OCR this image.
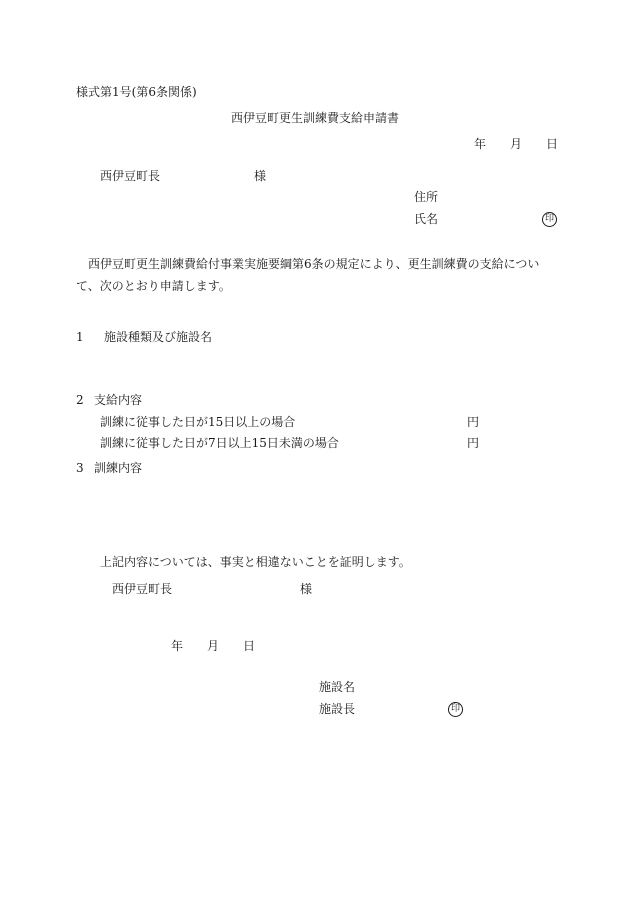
様式第1号(第6条関係)
西伊豆町更生訓練費支給申請書
年 月 日
西伊豆町長	様
住所
氏名	印
西伊豆町更生訓練費給付事業実施要綱第6条の規定により、更生訓練費の支給について、次のとおり申請します。
1 施設種類及び施設名
2 支給内容
訓練に従事した日が15日以上の場合	円
訓練に従事した日が7日以上15日未満の場合	円
3 訓練内容
上記内容については、事実と相違ないことを証明します。
西伊豆町長	様
年 月 日
施設名
施設長	印
